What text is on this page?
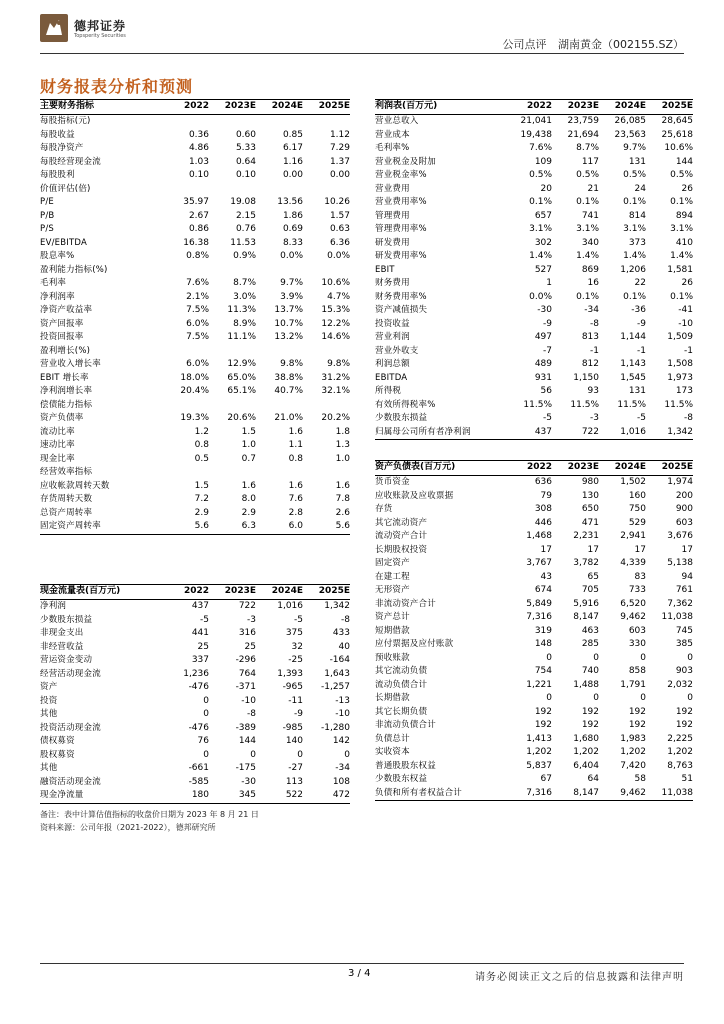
德邦证券
Topsperity Securities
公司点评 湖南黄金（002155.SZ）
财务报表分析和预测
主要财务指标	2022	2023E	2024E	2025E
每股指标(元)				
每股收益	0.36	0.60	0.85	1.12
每股净资产	4.86	5.33	6.17	7.29
每股经营现金流	1.03	0.64	1.16	1.37
每股股利	0.10	0.10	0.00	0.00
价值评估(倍)				
P/E	35.97	19.08	13.56	10.26
P/B	2.67	2.15	1.86	1.57
P/S	0.86	0.76	0.69	0.63
EV/EBITDA	16.38	11.53	8.33	6.36
股息率%	0.8%	0.9%	0.0%	0.0%
盈利能力指标(%)				
毛利率	7.6%	8.7%	9.7%	10.6%
净利润率	2.1%	3.0%	3.9%	4.7%
净资产收益率	7.5%	11.3%	13.7%	15.3%
资产回报率	6.0%	8.9%	10.7%	12.2%
投资回报率	7.5%	11.1%	13.2%	14.6%
盈利增长(%)				
营业收入增长率	6.0%	12.9%	9.8%	9.8%
EBIT 增长率	18.0%	65.0%	38.8%	31.2%
净利润增长率	20.4%	65.1%	40.7%	32.1%
偿债能力指标				
资产负债率	19.3%	20.6%	21.0%	20.2%
流动比率	1.2	1.5	1.6	1.8
速动比率	0.8	1.0	1.1	1.3
现金比率	0.5	0.7	0.8	1.0
经营效率指标				
应收帐款周转天数	1.5	1.6	1.6	1.6
存货周转天数	7.2	8.0	7.6	7.8
总资产周转率	2.9	2.9	2.8	2.6
固定资产周转率	5.6	6.3	6.0	5.6
利润表(百万元)	2022	2023E	2024E	2025E
营业总收入	21,041	23,759	26,085	28,645
营业成本	19,438	21,694	23,563	25,618
毛利率%	7.6%	8.7%	9.7%	10.6%
营业税金及附加	109	117	131	144
营业税金率%	0.5%	0.5%	0.5%	0.5%
营业费用	20	21	24	26
营业费用率%	0.1%	0.1%	0.1%	0.1%
管理费用	657	741	814	894
管理费用率%	3.1%	3.1%	3.1%	3.1%
研发费用	302	340	373	410
研发费用率%	1.4%	1.4%	1.4%	1.4%
EBIT	527	869	1,206	1,581
财务费用	1	16	22	26
财务费用率%	0.0%	0.1%	0.1%	0.1%
资产减值损失	-30	-34	-36	-41
投资收益	-9	-8	-9	-10
营业利润	497	813	1,144	1,509
营业外收支	-7	-1	-1	-1
利润总额	489	812	1,143	1,508
EBITDA	931	1,150	1,545	1,973
所得税	56	93	131	173
有效所得税率%	11.5%	11.5%	11.5%	11.5%
少数股东损益	-5	-3	-5	-8
归属母公司所有者净利润	437	722	1,016	1,342
资产负债表(百万元)	2022	2023E	2024E	2025E
货币资金	636	980	1,502	1,974
应收账款及应收票据	79	130	160	200
存货	308	650	750	900
其它流动资产	446	471	529	603
流动资产合计	1,468	2,231	2,941	3,676
长期股权投资	17	17	17	17
固定资产	3,767	3,782	4,339	5,138
在建工程	43	65	83	94
无形资产	674	705	733	761
非流动资产合计	5,849	5,916	6,520	7,362
资产总计	7,316	8,147	9,462	11,038
短期借款	319	463	603	745
应付票据及应付账款	148	285	330	385
预收账款	0	0	0	0
其它流动负债	754	740	858	903
流动负债合计	1,221	1,488	1,791	2,032
长期借款	0	0	0	0
其它长期负债	192	192	192	192
非流动负债合计	192	192	192	192
负债总计	1,413	1,680	1,983	2,225
实收资本	1,202	1,202	1,202	1,202
普通股股东权益	5,837	6,404	7,420	8,763
少数股东权益	67	64	58	51
负债和所有者权益合计	7,316	8,147	9,462	11,038
现金流量表(百万元)	2022	2023E	2024E	2025E
净利润	437	722	1,016	1,342
少数股东损益	-5	-3	-5	-8
非现金支出	441	316	375	433
非经营收益	25	25	32	40
营运资金变动	337	-296	-25	-164
经营活动现金流	1,236	764	1,393	1,643
资产	-476	-371	-965	-1,257
投资	0	-10	-11	-13
其他	0	-8	-9	-10
投资活动现金流	-476	-389	-985	-1,280
债权募资	76	144	140	142
股权募资	0	0	0	0
其他	-661	-175	-27	-34
融资活动现金流	-585	-30	113	108
现金净流量	180	345	522	472
备注：表中计算估值指标的收盘价日期为 2023 年 8 月 21 日
资料来源：公司年报（2021-2022），德邦研究所
3 / 4	请务必阅读正文之后的信息披露和法律声明
